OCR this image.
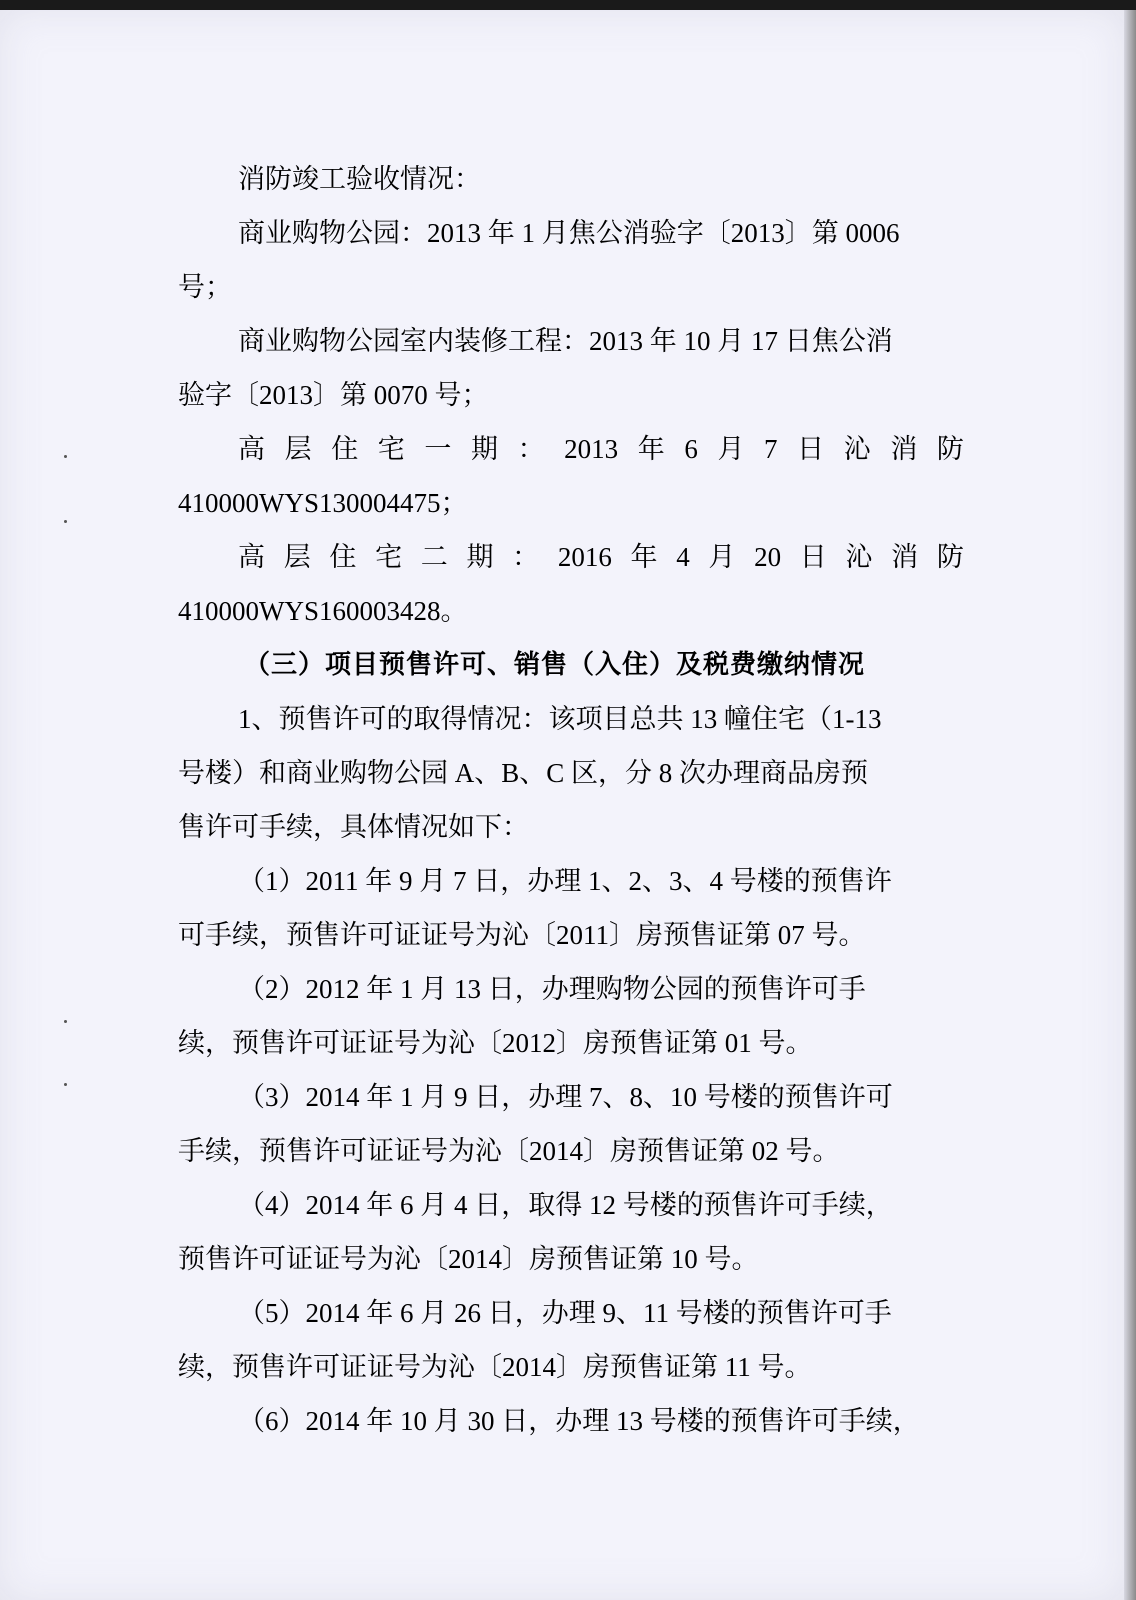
消防竣工验收情况：
商业购物公园：2013 年 1 月焦公消验字〔2013〕第 0006
号；
商业购物公园室内装修工程：2013 年 10 月 17 日焦公消
验字〔2013〕第 0070 号；
高 层 住 宅 一 期 ： 2013 年 6 月 7 日 沁 消 防
410000WYS130004475；
高 层 住 宅 二 期 ： 2016 年 4 月 20 日 沁 消 防
410000WYS160003428。
（三）项目预售许可、销售（入住）及税费缴纳情况
1、预售许可的取得情况：该项目总共 13 幢住宅（1-13
号楼）和商业购物公园 A、B、C 区，分 8 次办理商品房预
售许可手续，具体情况如下：
（1）2011 年 9 月 7 日，办理 1、2、3、4 号楼的预售许
可手续，预售许可证证号为沁〔2011〕房预售证第 07 号。
（2）2012 年 1 月 13 日，办理购物公园的预售许可手
续，预售许可证证号为沁〔2012〕房预售证第 01 号。
（3）2014 年 1 月 9 日，办理 7、8、10 号楼的预售许可
手续，预售许可证证号为沁〔2014〕房预售证第 02 号。
（4）2014 年 6 月 4 日，取得 12 号楼的预售许可手续，
预售许可证证号为沁〔2014〕房预售证第 10 号。
（5）2014 年 6 月 26 日，办理 9、11 号楼的预售许可手
续，预售许可证证号为沁〔2014〕房预售证第 11 号。
（6）2014 年 10 月 30 日，办理 13 号楼的预售许可手续，
